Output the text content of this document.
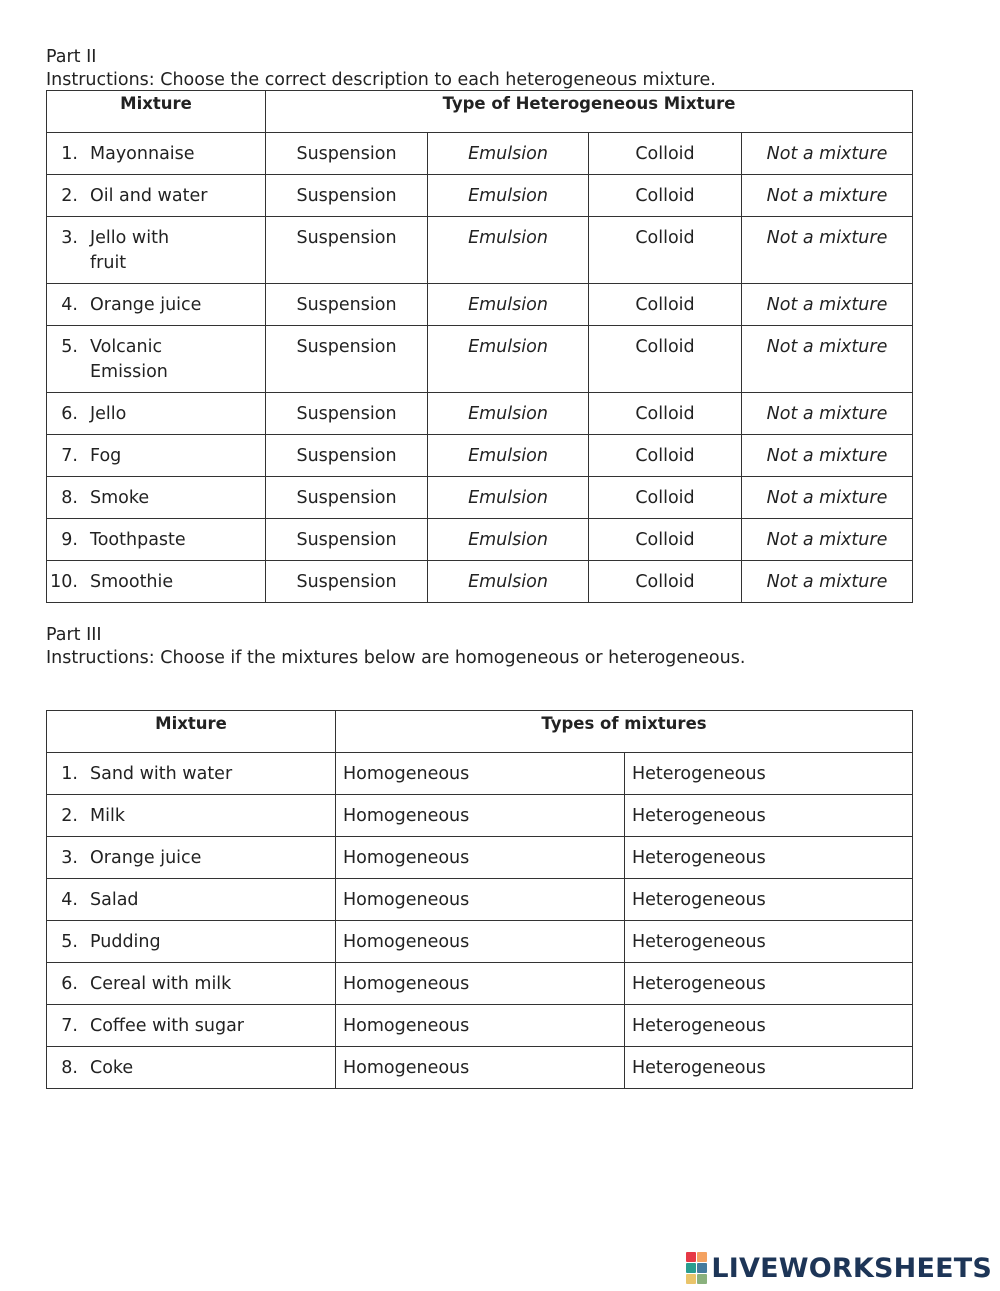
Part II
Instructions: Choose the correct description to each heterogeneous mixture.
Mixture	Type of Heterogeneous Mixture			

1. Mayonnaise	Suspension	Emulsion	Colloid	Not a mixture

2. Oil and water	Suspension	Emulsion	Colloid	Not a mixture

3. Jello with fruit	Suspension	Emulsion	Colloid	Not a mixture

4. Orange juice	Suspension	Emulsion	Colloid	Not a mixture

5. Volcanic Emission	Suspension	Emulsion	Colloid	Not a mixture

6. Jello	Suspension	Emulsion	Colloid	Not a mixture

7. Fog	Suspension	Emulsion	Colloid	Not a mixture

8. Smoke	Suspension	Emulsion	Colloid	Not a mixture

9. Toothpaste	Suspension	Emulsion	Colloid	Not a mixture

10. Smoothie	Suspension	Emulsion	Colloid	Not a mixture
Part III
Instructions: Choose if the mixtures below are homogeneous or heterogeneous.
Mixture	Types of mixtures	

1. Sand with water	Homogeneous	Heterogeneous

2. Milk	Homogeneous	Heterogeneous

3. Orange juice	Homogeneous	Heterogeneous

4. Salad	Homogeneous	Heterogeneous

5. Pudding	Homogeneous	Heterogeneous

6. Cereal with milk	Homogeneous	Heterogeneous

7. Coffee with sugar	Homogeneous	Heterogeneous

8. Coke	Homogeneous	Heterogeneous
LIVEWORKSHEETS
